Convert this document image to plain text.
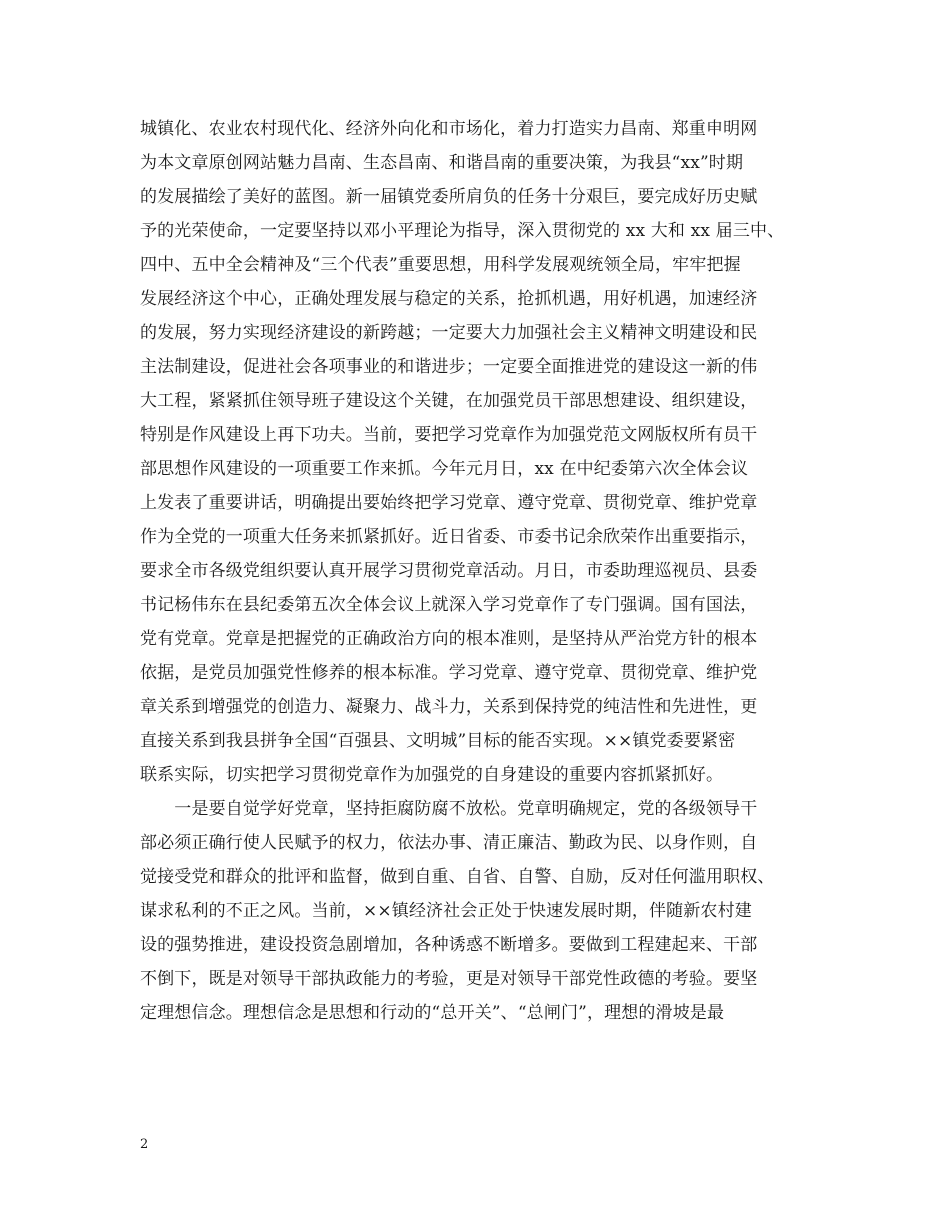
城镇化、农业农村现代化、经济外向化和市场化，着力打造实力昌南、郑重申明网
为本文章原创网站魅力昌南、生态昌南、和谐昌南的重要决策，为我县“xx”时期
的发展描绘了美好的蓝图。新一届镇党委所肩负的任务十分艰巨，要完成好历史赋
予的光荣使命，一定要坚持以邓小平理论为指导，深入贯彻党的 xx 大和 xx 届三中、
四中、五中全会精神及“三个代表”重要思想，用科学发展观统领全局，牢牢把握
发展经济这个中心，正确处理发展与稳定的关系，抢抓机遇，用好机遇，加速经济
的发展，努力实现经济建设的新跨越；一定要大力加强社会主义精神文明建设和民
主法制建设，促进社会各项事业的和谐进步；一定要全面推进党的建设这一新的伟
大工程，紧紧抓住领导班子建设这个关键，在加强党员干部思想建设、组织建设，
特别是作风建设上再下功夫。当前，要把学习党章作为加强党范文网版权所有员干
部思想作风建设的一项重要工作来抓。今年元月日，xx 在中纪委第六次全体会议
上发表了重要讲话，明确提出要始终把学习党章、遵守党章、贯彻党章、维护党章
作为全党的一项重大任务来抓紧抓好。近日省委、市委书记余欣荣作出重要指示，
要求全市各级党组织要认真开展学习贯彻党章活动。月日，市委助理巡视员、县委
书记杨伟东在县纪委第五次全体会议上就深入学习党章作了专门强调。国有国法，
党有党章。党章是把握党的正确政治方向的根本准则，是坚持从严治党方针的根本
依据，是党员加强党性修养的根本标准。学习党章、遵守党章、贯彻党章、维护党
章关系到增强党的创造力、凝聚力、战斗力，关系到保持党的纯洁性和先进性，更
直接关系到我县拼争全国“百强县、文明城”目标的能否实现。××镇党委要紧密
联系实际，切实把学习贯彻党章作为加强党的自身建设的重要内容抓紧抓好。
　　一是要自觉学好党章，坚持拒腐防腐不放松。党章明确规定，党的各级领导干
部必须正确行使人民赋予的权力，依法办事、清正廉洁、勤政为民、以身作则，自
觉接受党和群众的批评和监督，做到自重、自省、自警、自励，反对任何滥用职权、
谋求私利的不正之风。当前，××镇经济社会正处于快速发展时期，伴随新农村建
设的强势推进，建设投资急剧增加，各种诱惑不断增多。要做到工程建起来、干部
不倒下，既是对领导干部执政能力的考验，更是对领导干部党性政德的考验。要坚
定理想信念。理想信念是思想和行动的“总开关”、“总闸门”，理想的滑坡是最
2
